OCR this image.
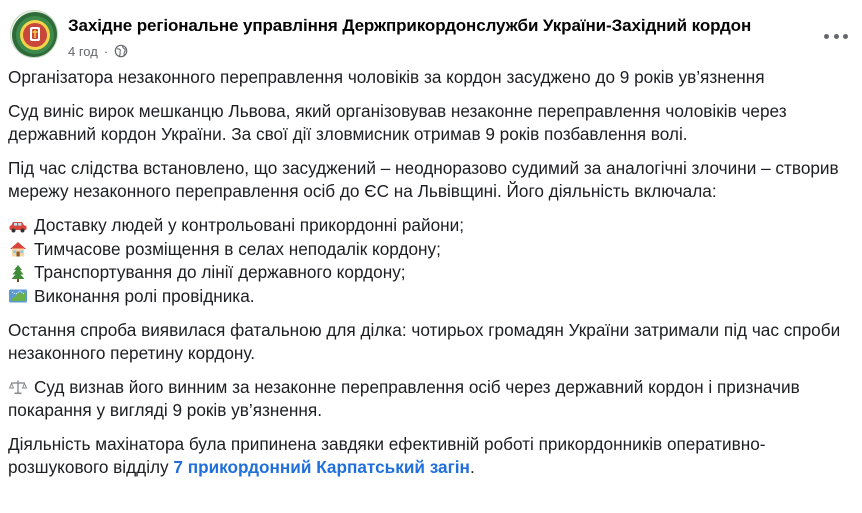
Західне регіональне управління Держприкордонслужби України-Західний кордон
4 год ·

Організатора незаконного переправлення чоловіків за кордон засуджено до 9 років ув’язнення

Суд виніс вирок мешканцю Львова, який організовував незаконне переправлення чоловіків через державний кордон України. За свої дії зловмисник отримав 9 років позбавлення волі.

Під час слідства встановлено, що засуджений – неодноразово судимий за аналогічні злочини – створив мережу незаконного переправлення осіб до ЄС на Львівщині. Його діяльність включала:

Доставку людей у контрольовані прикордонні райони;
Тимчасове розміщення в селах неподалік кордону;
Транспортування до лінії державного кордону;
Виконання ролі провідника.

Остання спроба виявилася фатальною для ділка: чотирьох громадян України затримали під час спроби незаконного перетину кордону.

Суд визнав його винним за незаконне переправлення осіб через державний кордон і призначив покарання у вигляді 9 років ув’язнення.

Діяльність махінатора була припинена завдяки ефективній роботі прикордонників оперативно-розшукового відділу 7 прикордонний Карпатський загін.
